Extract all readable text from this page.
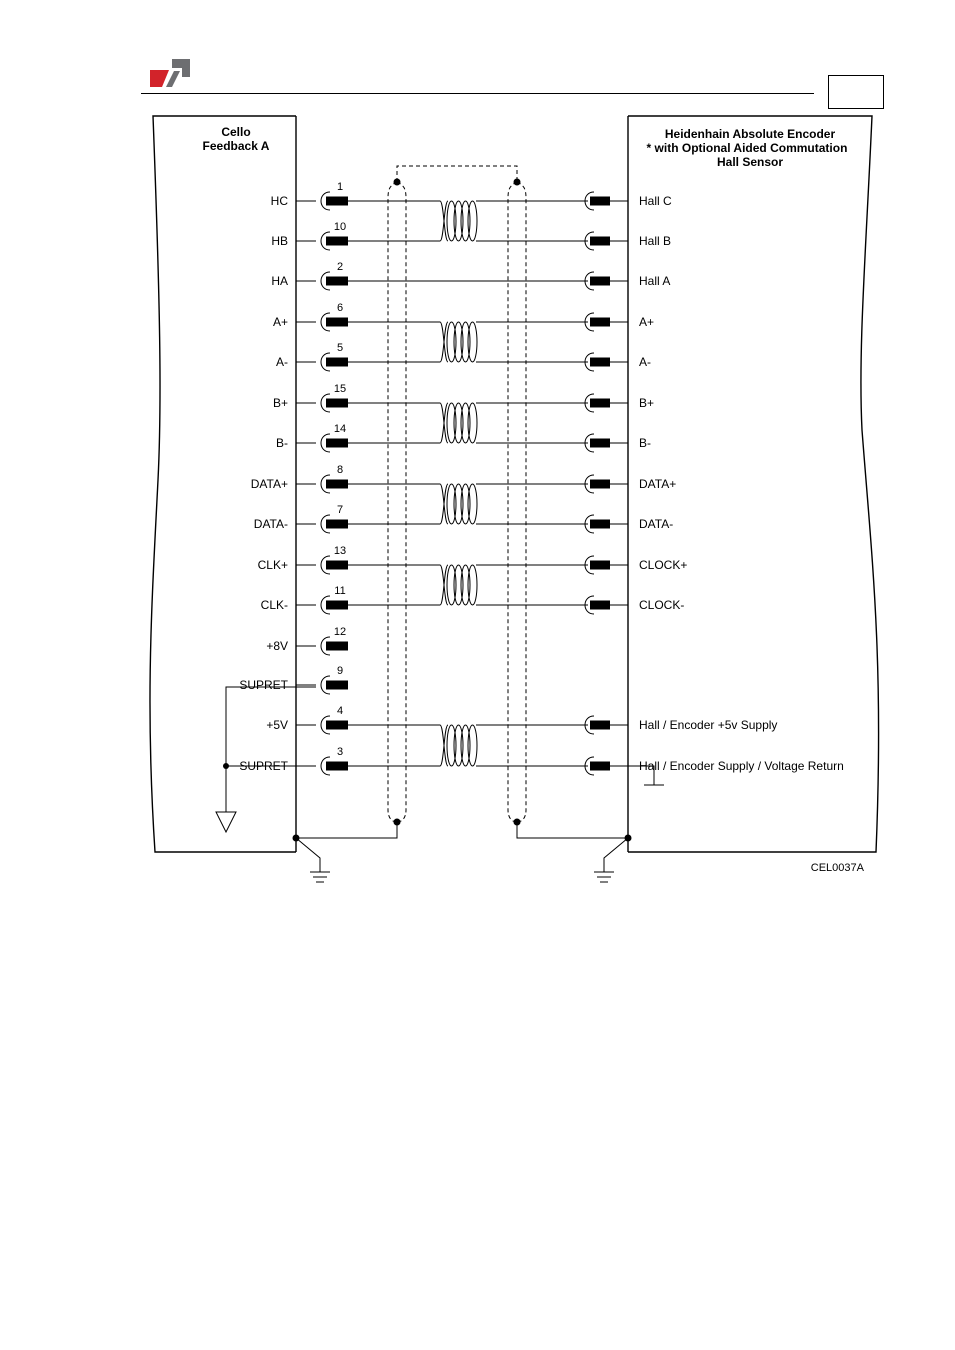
Cello
Feedback A
Heidenhain Absolute Encoder
* with Optional Aided Commutation
Hall Sensor
1
HC	Hall C
10
HB	Hall B
2
HA	Hall A
6
A+	A+
5
A-	A-
15
B+	B+
14
B-	B-
8
DATA+	DATA+
7
DATA-	DATA-
13
CLK+	CLOCK+
11
CLK-	CLOCK-
12
+8V
9
SUPRET
4
+5V	Hall / Encoder +5v Supply
3
SUPRET	Hall / Encoder Supply / Voltage Return
CEL0037A
